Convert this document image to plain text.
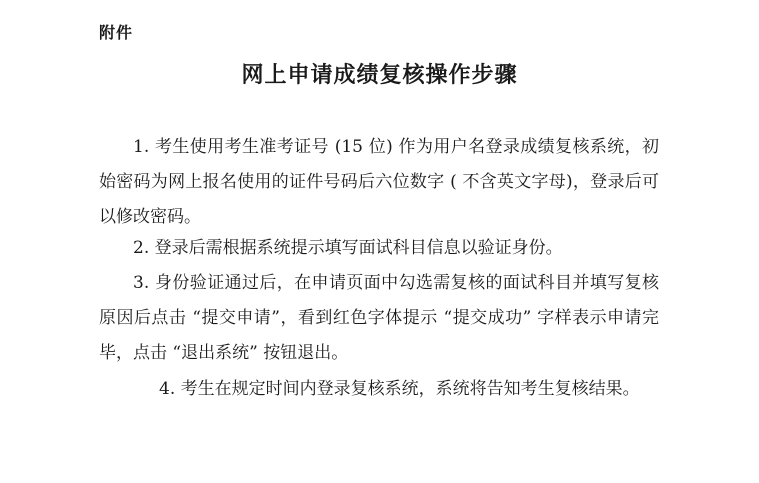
附件
网上申请成绩复核操作步骤
1. 考生使用考生准考证号 (15 位) 作为用户名登录成绩复核系统，初始密码为网上报名使用的证件号码后六位数字 ( 不含英文字母)，登录后可以修改密码。
2. 登录后需根据系统提示填写面试科目信息以验证身份。
3. 身份验证通过后，在申请页面中勾选需复核的面试科目并填写复核原因后点击 “提交申请”，看到红色字体提示 “提交成功” 字样表示申请完毕，点击 “退出系统” 按钮退出。
4. 考生在规定时间内登录复核系统，系统将告知考生复核结果。
